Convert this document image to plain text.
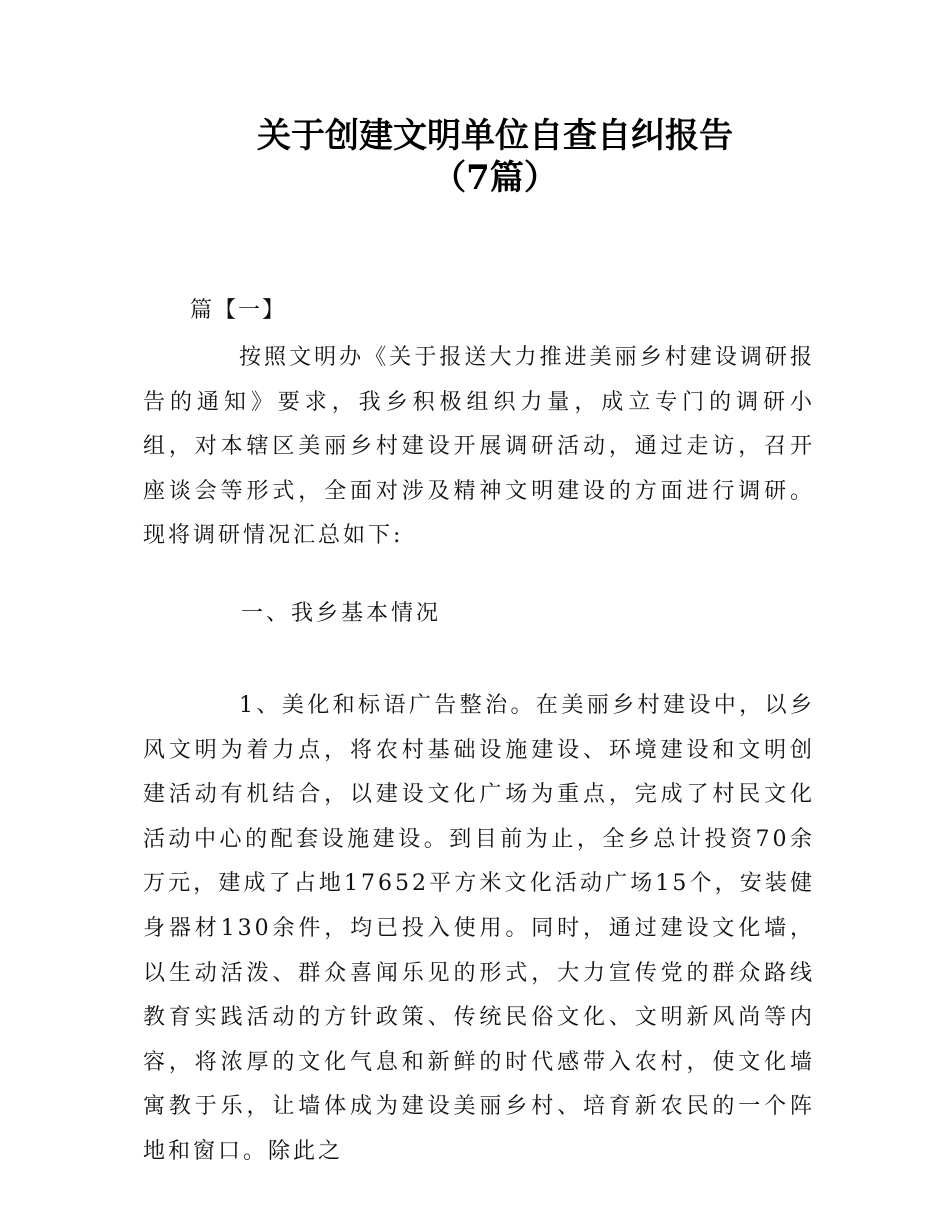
关于创建文明单位自查自纠报告
（7篇）
篇【一】
按照文明办《关于报送大力推进美丽乡村建设调研报告的通知》要求，我乡积极组织力量，成立专门的调研小组，对本辖区美丽乡村建设开展调研活动，通过走访，召开座谈会等形式，全面对涉及精神文明建设的方面进行调研。现将调研情况汇总如下:
一、我乡基本情况
1、美化和标语广告整治。在美丽乡村建设中，以乡风文明为着力点，将农村基础设施建设、环境建设和文明创建活动有机结合，以建设文化广场为重点，完成了村民文化活动中心的配套设施建设。到目前为止，全乡总计投资70余万元，建成了占地17652平方米文化活动广场15个，安装健身器材130余件，均已投入使用。同时，通过建设文化墙，以生动活泼、群众喜闻乐见的形式，大力宣传党的群众路线教育实践活动的方针政策、传统民俗文化、文明新风尚等内容，将浓厚的文化气息和新鲜的时代感带入农村，使文化墙寓教于乐，让墙体成为建设美丽乡村、培育新农民的一个阵地和窗口。除此之
